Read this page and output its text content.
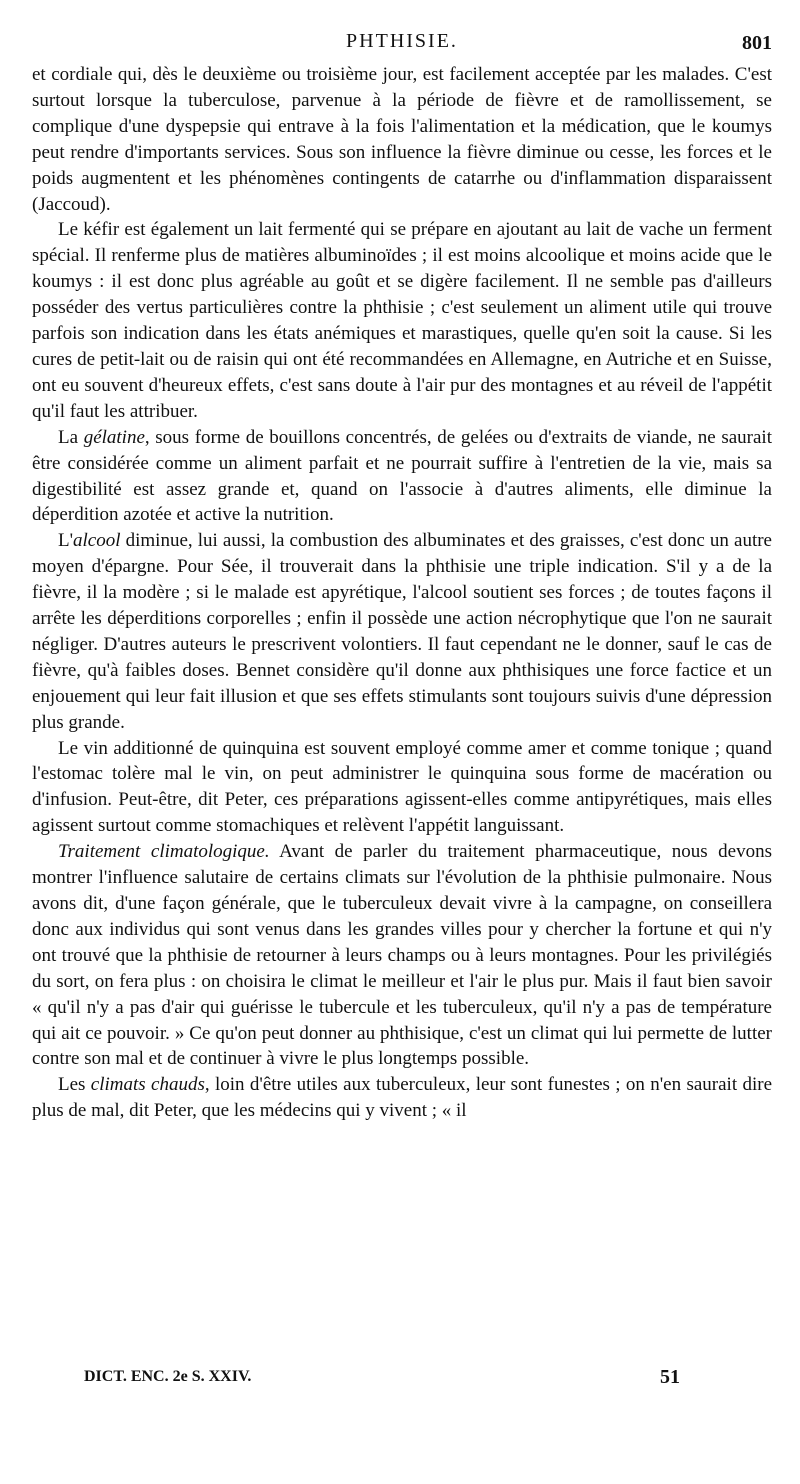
PHTHISIE.	801

et cordiale qui, dès le deuxième ou troisième jour, est facilement acceptée par les malades. C'est surtout lorsque la tuberculose, parvenue à la période de fièvre et de ramollissement, se complique d'une dyspepsie qui entrave à la fois l'alimentation et la médication, que le koumys peut rendre d'importants services. Sous son influence la fièvre diminue ou cesse, les forces et le poids augmentent et les phénomènes contingents de catarrhe ou d'inflammation disparaissent (Jaccoud).

Le kéfir est également un lait fermenté qui se prépare en ajoutant au lait de vache un ferment spécial. Il renferme plus de matières albuminoïdes ; il est moins alcoolique et moins acide que le koumys : il est donc plus agréable au goût et se digère facilement. Il ne semble pas d'ailleurs posséder des vertus particulières contre la phthisie ; c'est seulement un aliment utile qui trouve parfois son indication dans les états anémiques et marastiques, quelle qu'en soit la cause. Si les cures de petit-lait ou de raisin qui ont été recommandées en Allemagne, en Autriche et en Suisse, ont eu souvent d'heureux effets, c'est sans doute à l'air pur des montagnes et au réveil de l'appétit qu'il faut les attribuer.

La gélatine, sous forme de bouillons concentrés, de gelées ou d'extraits de viande, ne saurait être considérée comme un aliment parfait et ne pourrait suffire à l'entretien de la vie, mais sa digestibilité est assez grande et, quand on l'associe à d'autres aliments, elle diminue la déperdition azotée et active la nutrition.

L'alcool diminue, lui aussi, la combustion des albuminates et des graisses, c'est donc un autre moyen d'épargne. Pour Sée, il trouverait dans la phthisie une triple indication. S'il y a de la fièvre, il la modère ; si le malade est apyrétique, l'alcool soutient ses forces ; de toutes façons il arrête les déperditions corporelles ; enfin il possède une action nécrophytique que l'on ne saurait négliger. D'autres auteurs le prescrivent volontiers. Il faut cependant ne le donner, sauf le cas de fièvre, qu'à faibles doses. Bennet considère qu'il donne aux phthisiques une force factice et un enjouement qui leur fait illusion et que ses effets stimulants sont toujours suivis d'une dépression plus grande.

Le vin additionné de quinquina est souvent employé comme amer et comme tonique ; quand l'estomac tolère mal le vin, on peut administrer le quinquina sous forme de macération ou d'infusion. Peut-être, dit Peter, ces préparations agissent-elles comme antipyrétiques, mais elles agissent surtout comme stomachiques et relèvent l'appétit languissant.

Traitement climatologique. Avant de parler du traitement pharmaceutique, nous devons montrer l'influence salutaire de certains climats sur l'évolution de la phthisie pulmonaire. Nous avons dit, d'une façon générale, que le tuberculeux devait vivre à la campagne, on conseillera donc aux individus qui sont venus dans les grandes villes pour y chercher la fortune et qui n'y ont trouvé que la phthisie de retourner à leurs champs ou à leurs montagnes. Pour les privilégiés du sort, on fera plus : on choisira le climat le meilleur et l'air le plus pur. Mais il faut bien savoir « qu'il n'y a pas d'air qui guérisse le tubercule et les tuberculeux, qu'il n'y a pas de température qui ait ce pouvoir. » Ce qu'on peut donner au phthisique, c'est un climat qui lui permette de lutter contre son mal et de continuer à vivre le plus longtemps possible.

Les climats chauds, loin d'être utiles aux tuberculeux, leur sont funestes ; on n'en saurait dire plus de mal, dit Peter, que les médecins qui y vivent ; « il

DICT. ENC. 2e S. XXIV.	51
